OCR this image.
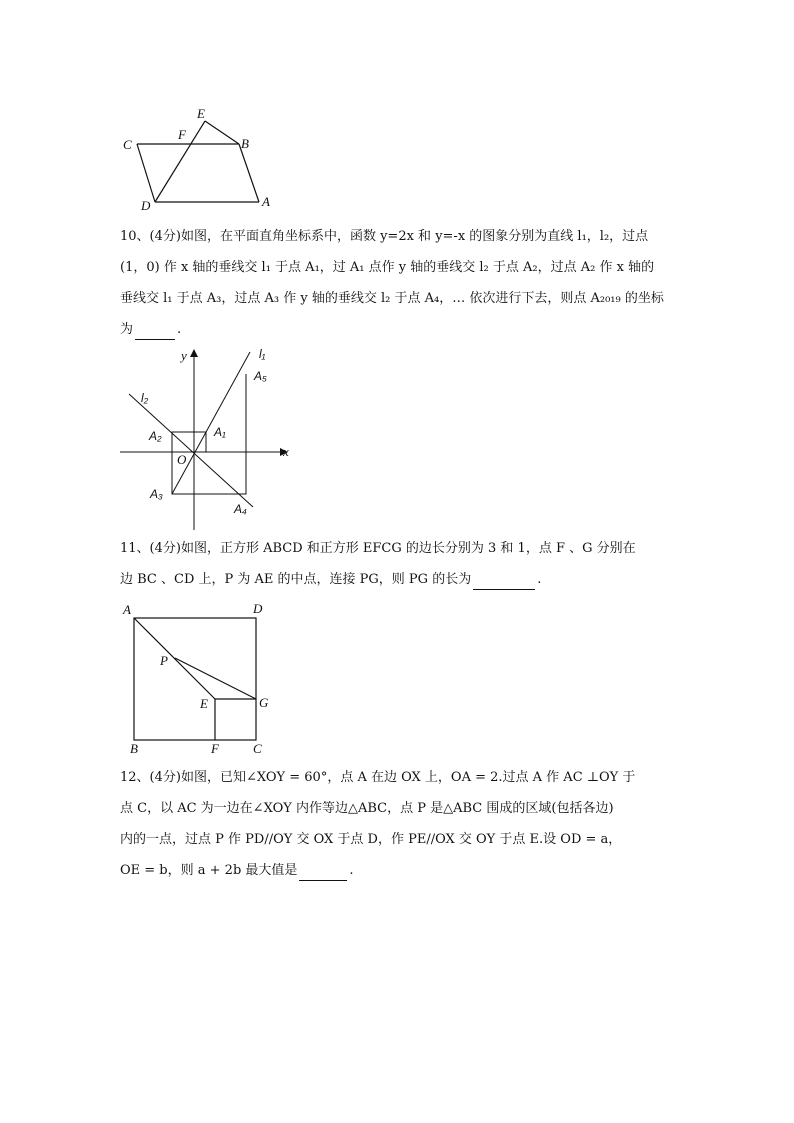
E
F
C	B
D	A
10、(4分)如图，在平面直角坐标系中，函数 y=2x 和 y=-x 的图象分别为直线 l₁，l₂，过点
(1，0) 作 x 轴的垂线交 l₁ 于点 A₁，过 A₁ 点作 y 轴的垂线交 l₂ 于点 A₂，过点 A₂ 作 x 轴的
垂线交 l₁ 于点 A₃，过点 A₃ 作 y 轴的垂线交 l₂ 于点 A₄，… 依次进行下去，则点 A₂₀₁₉ 的坐标
为	.
y
x
O
l₁
l₂
A₅
A₁
A₂
A₃
A₄
11、(4分)如图，正方形 ABCD 和正方形 EFCG 的边长分别为 3 和 1，点 F 、G 分别在
边 BC 、CD 上，P 为 AE 的中点，连接 PG，则 PG 的长为	.
A	D
P
E	G
B	F	C
12、(4分)如图，已知∠XOY = 60°，点 A 在边 OX 上，OA = 2.过点 A 作 AC ⊥OY 于
点 C，以 AC 为一边在∠XOY 内作等边△ABC，点 P 是△ABC 围成的区域(包括各边)
内的一点，过点 P 作 PD//OY 交 OX 于点 D，作 PE//OX 交 OY 于点 E.设 OD = a，
OE = b，则 a + 2b 最大值是	.
